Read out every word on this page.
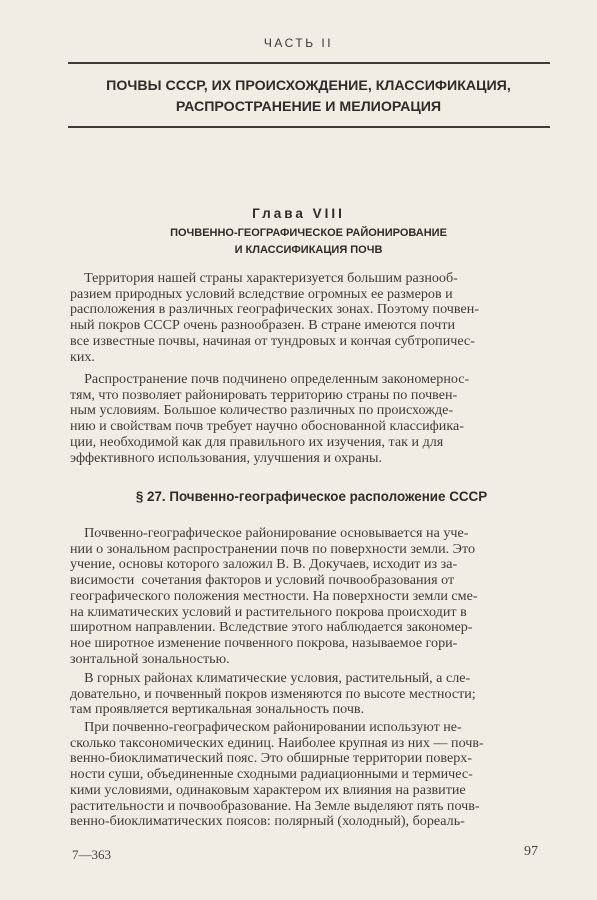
ЧАСТЬ II
ПОЧВЫ СССР, ИХ ПРОИСХОЖДЕНИЕ, КЛАССИФИКАЦИЯ,
РАСПРОСТРАНЕНИЕ И МЕЛИОРАЦИЯ
Глава VIII
ПОЧВЕННО-ГЕОГРАФИЧЕСКОЕ РАЙОНИРОВАНИЕ
И КЛАССИФИКАЦИЯ ПОЧВ
Территория нашей страны характеризуется большим разнооб-
разием природных условий вследствие огромных ее размеров и
расположения в различных географических зонах. Поэтому почвен-
ный покров СССР очень разнообразен. В стране имеются почти
все известные почвы, начиная от тундровых и кончая субтропичес-
ких.
Распространение почв подчинено определенным закономернос-
тям, что позволяет районировать территорию страны по почвен-
ным условиям. Большое количество различных по происхожде-
нию и свойствам почв требует научно обоснованной классифика-
ции, необходимой как для правильного их изучения, так и для
эффективного использования, улучшения и охраны.
§ 27. Почвенно-географическое расположение СССР
Почвенно-географическое районирование основывается на уче-
нии о зональном распространении почв по поверхности земли. Это
учение, основы которого заложил В. В. Докучаев, исходит из за-
висимости  сочетания факторов и условий почвообразования от
географического положения местности. На поверхности земли сме-
на климатических условий и растительного покрова происходит в
широтном направлении. Вследствие этого наблюдается закономер-
ное широтное изменение почвенного покрова, называемое гори-
зонтальной зональностью.
В горных районах климатические условия, растительный, а сле-
довательно, и почвенный покров изменяются по высоте местности;
там проявляется вертикальная зональность почв.
При почвенно-географическом районировании используют не-
сколько таксономических единиц. Наиболее крупная из них — почв-
венно-биоклиматический пояс. Это обширные территории поверх-
ности суши, объединенные сходными радиационными и термичес-
кими условиями, одинаковым характером их влияния на развитие
растительности и почвообразование. На Земле выделяют пять почв-
венно-биоклиматических поясов: полярный (холодный), бореаль-
7—363	97
